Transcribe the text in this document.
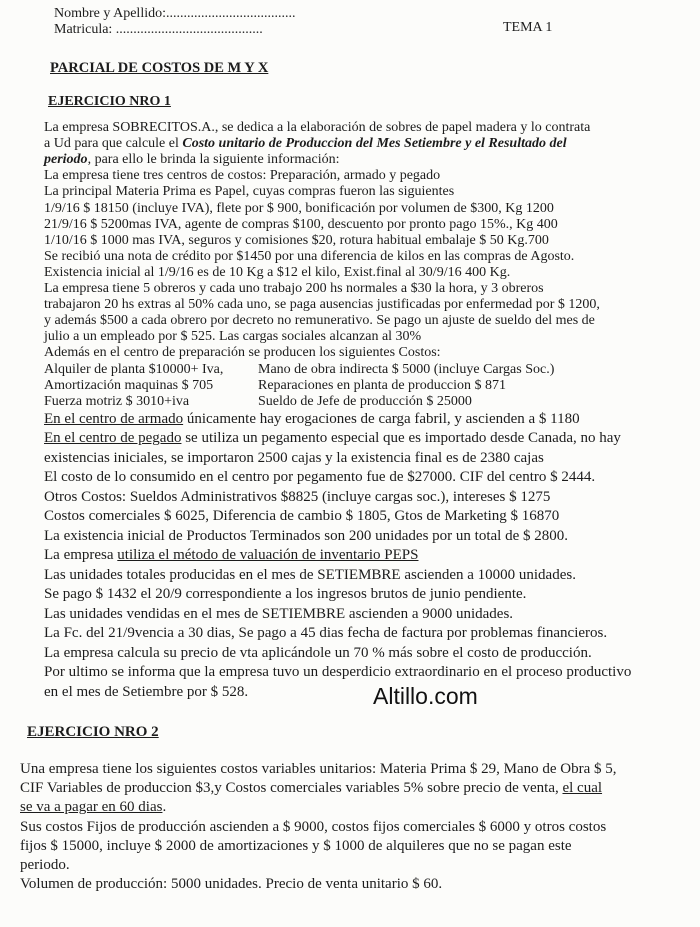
Nombre y Apellido:.....................................
Matricula: ..........................................	TEMA 1
PARCIAL DE COSTOS DE M Y X
EJERCICIO NRO 1

La empresa SOBRECITOS.A., se dedica a la elaboración de sobres de papel madera y lo contrata

a Ud para que calcule el Costo unitario de Produccion del Mes Setiembre y el Resultado del

periodo, para ello le brinda la siguiente información:

La empresa tiene tres centros de costos: Preparación, armado y pegado

La principal Materia Prima es Papel, cuyas compras fueron las siguientes

1/9/16 $ 18150 (incluye IVA), flete por $ 900, bonificación por volumen de $300, Kg 1200

21/9/16 $ 5200mas IVA, agente de compras $100, descuento por pronto pago 15%., Kg 400

1/10/16 $ 1000 mas IVA, seguros y comisiones $20, rotura habitual embalaje $ 50 Kg.700

Se recibió una nota de crédito por $1450 por una diferencia de kilos en las compras de Agosto.

Existencia inicial al 1/9/16 es de 10 Kg a $12 el kilo, Exist.final al 30/9/16 400 Kg.

La empresa tiene 5 obreros y cada uno trabajo 200 hs normales a $30 la hora, y 3 obreros

trabajaron 20 hs extras al 50% cada uno, se paga ausencias justificadas por enfermedad por $ 1200,

y además $500 a cada obrero por decreto no remunerativo. Se pago un ajuste de sueldo del mes de

julio a un empleado por $ 525. Las cargas sociales alcanzan al 30%

Además en el centro de preparación se producen los siguientes Costos:

Alquiler de planta $10000+ Iva,	Mano de obra indirecta $ 5000 (incluye Cargas Soc.)

Amortización maquinas $ 705	Reparaciones en planta de produccion $ 871

Fuerza motriz $ 3010+iva	Sueldo de Jefe de producción $ 25000

En el centro de armado únicamente hay erogaciones de carga fabril, y ascienden a $ 1180

En el centro de pegado se utiliza un pegamento especial que es importado desde Canada, no hay

existencias iniciales, se importaron 2500 cajas y la existencia final es de 2380 cajas

El costo de lo consumido en el centro por pegamento fue de $27000. CIF del centro $ 2444.

Otros Costos: Sueldos Administrativos $8825 (incluye cargas soc.), intereses $ 1275

Costos comerciales $ 6025, Diferencia de cambio $ 1805, Gtos de Marketing $ 16870

La existencia inicial de Productos Terminados son 200 unidades por un total de $ 2800.

La empresa utiliza el método de valuación de inventario PEPS

Las unidades totales producidas en el mes de SETIEMBRE ascienden a 10000 unidades.

Se pago $ 1432 el 20/9 correspondiente a los ingresos brutos de junio pendiente.

Las unidades vendidas en el mes de SETIEMBRE ascienden a 9000 unidades.

La Fc. del 21/9vencia a 30 dias, Se pago a 45 dias fecha de factura por problemas financieros.

La empresa calcula su precio de vta aplicándole un 70 % más sobre el costo de producción.

Por ultimo se informa que la empresa tuvo un desperdicio extraordinario en el proceso productivo

en el mes de Setiembre por $ 528.	Altillo.com
EJERCICIO NRO 2

Una empresa tiene los siguientes costos variables unitarios: Materia Prima $ 29, Mano de Obra $ 5,

CIF Variables de produccion $3,y Costos comerciales variables 5% sobre precio de venta, el cual

se va a pagar en 60 dias.

Sus costos Fijos de producción ascienden a $ 9000, costos fijos comerciales $ 6000 y otros costos

fijos $ 15000, incluye $ 2000 de amortizaciones y $ 1000 de alquileres que no se pagan este

periodo.

Volumen de producción: 5000 unidades. Precio de venta unitario $ 60.
